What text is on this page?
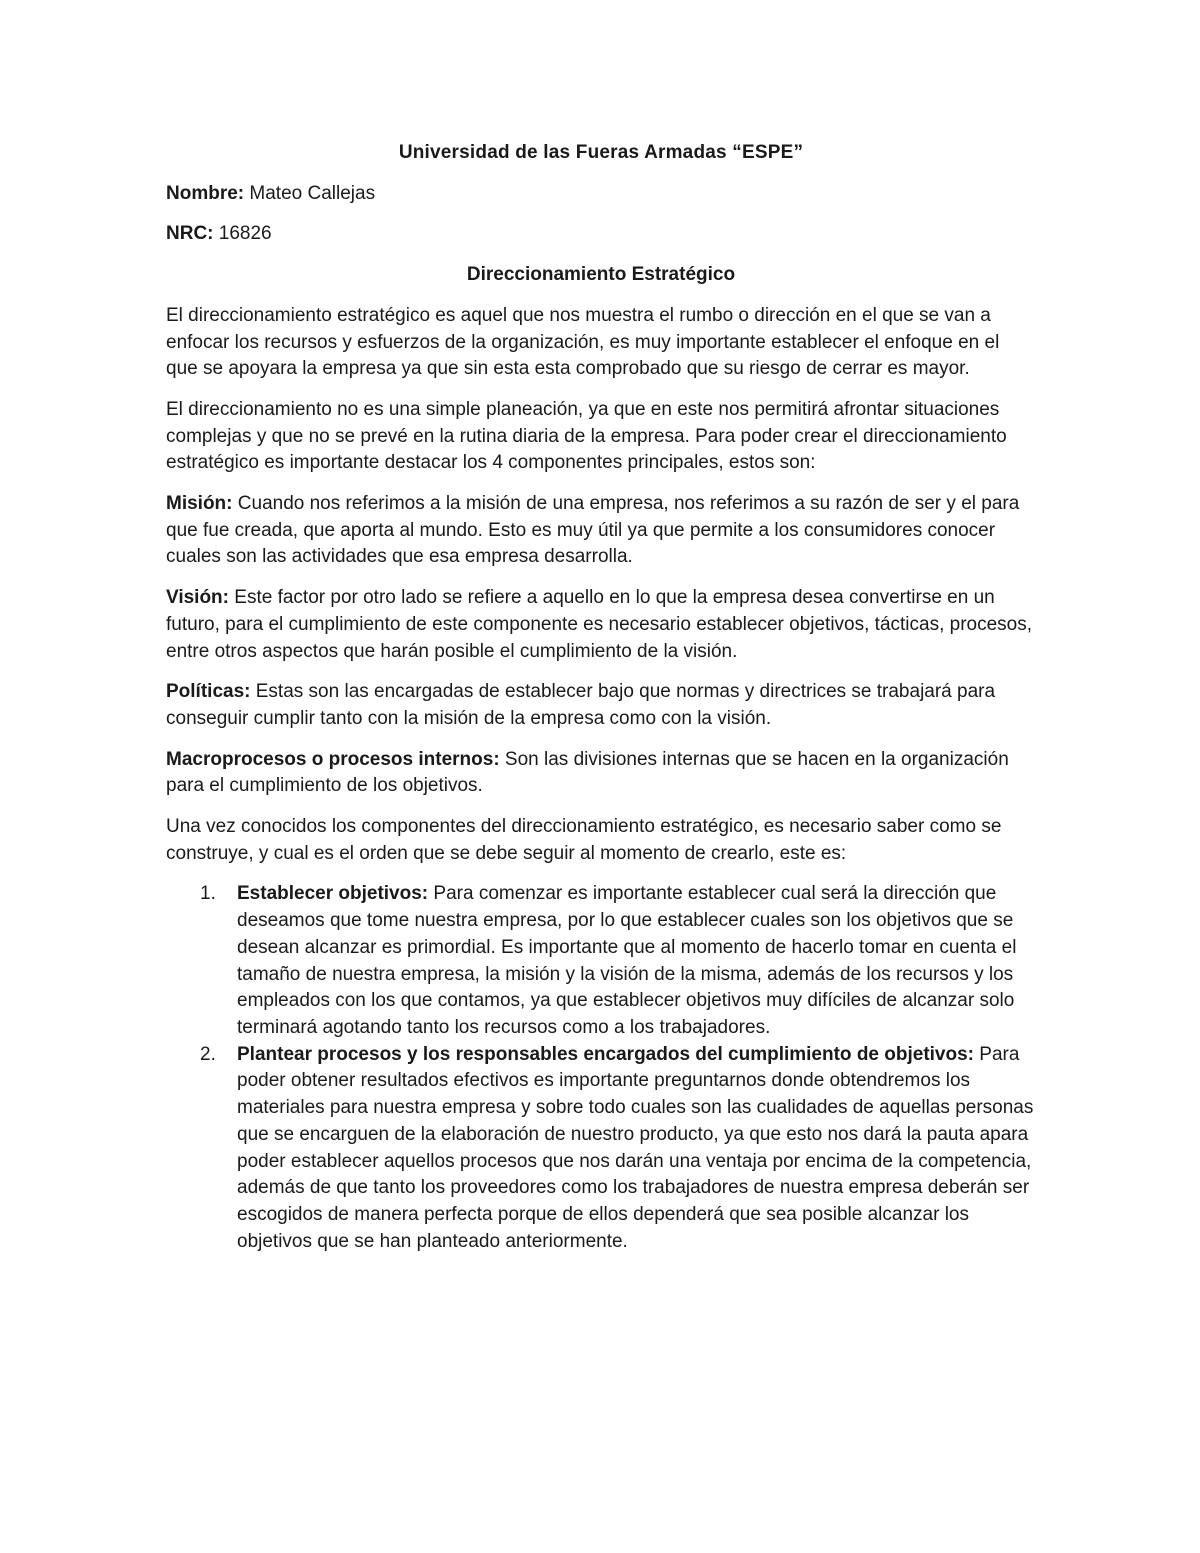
Universidad de las Fueras Armadas “ESPE”

Nombre: Mateo Callejas

NRC: 16826

Direccionamiento Estratégico

El direccionamiento estratégico es aquel que nos muestra el rumbo o dirección en el que se van a enfocar los recursos y esfuerzos de la organización, es muy importante establecer el enfoque en el que se apoyara la empresa ya que sin esta esta comprobado que su riesgo de cerrar es mayor.

El direccionamiento no es una simple planeación, ya que en este nos permitirá afrontar situaciones complejas y que no se prevé en la rutina diaria de la empresa. Para poder crear el direccionamiento estratégico es importante destacar los 4 componentes principales, estos son:

Misión: Cuando nos referimos a la misión de una empresa, nos referimos a su razón de ser y el para que fue creada, que aporta al mundo. Esto es muy útil ya que permite a los consumidores conocer cuales son las actividades que esa empresa desarrolla.

Visión: Este factor por otro lado se refiere a aquello en lo que la empresa desea convertirse en un futuro, para el cumplimiento de este componente es necesario establecer objetivos, tácticas, procesos, entre otros aspectos que harán posible el cumplimiento de la visión.

Políticas: Estas son las encargadas de establecer bajo que normas y directrices se trabajará para conseguir cumplir tanto con la misión de la empresa como con la visión.

Macroprocesos o procesos internos: Son las divisiones internas que se hacen en la organización para el cumplimiento de los objetivos.

Una vez conocidos los componentes del direccionamiento estratégico, es necesario saber como se construye, y cual es el orden que se debe seguir al momento de crearlo, este es:

1. Establecer objetivos: Para comenzar es importante establecer cual será la dirección que deseamos que tome nuestra empresa, por lo que establecer cuales son los objetivos que se desean alcanzar es primordial. Es importante que al momento de hacerlo tomar en cuenta el tamaño de nuestra empresa, la misión y la visión de la misma, además de los recursos y los empleados con los que contamos, ya que establecer objetivos muy difíciles de alcanzar solo terminará agotando tanto los recursos como a los trabajadores.
2. Plantear procesos y los responsables encargados del cumplimiento de objetivos: Para poder obtener resultados efectivos es importante preguntarnos donde obtendremos los materiales para nuestra empresa y sobre todo cuales son las cualidades de aquellas personas que se encarguen de la elaboración de nuestro producto, ya que esto nos dará la pauta apara poder establecer aquellos procesos que nos darán una ventaja por encima de la competencia, además de que tanto los proveedores como los trabajadores de nuestra empresa deberán ser escogidos de manera perfecta porque de ellos dependerá que sea posible alcanzar los objetivos que se han planteado anteriormente.
